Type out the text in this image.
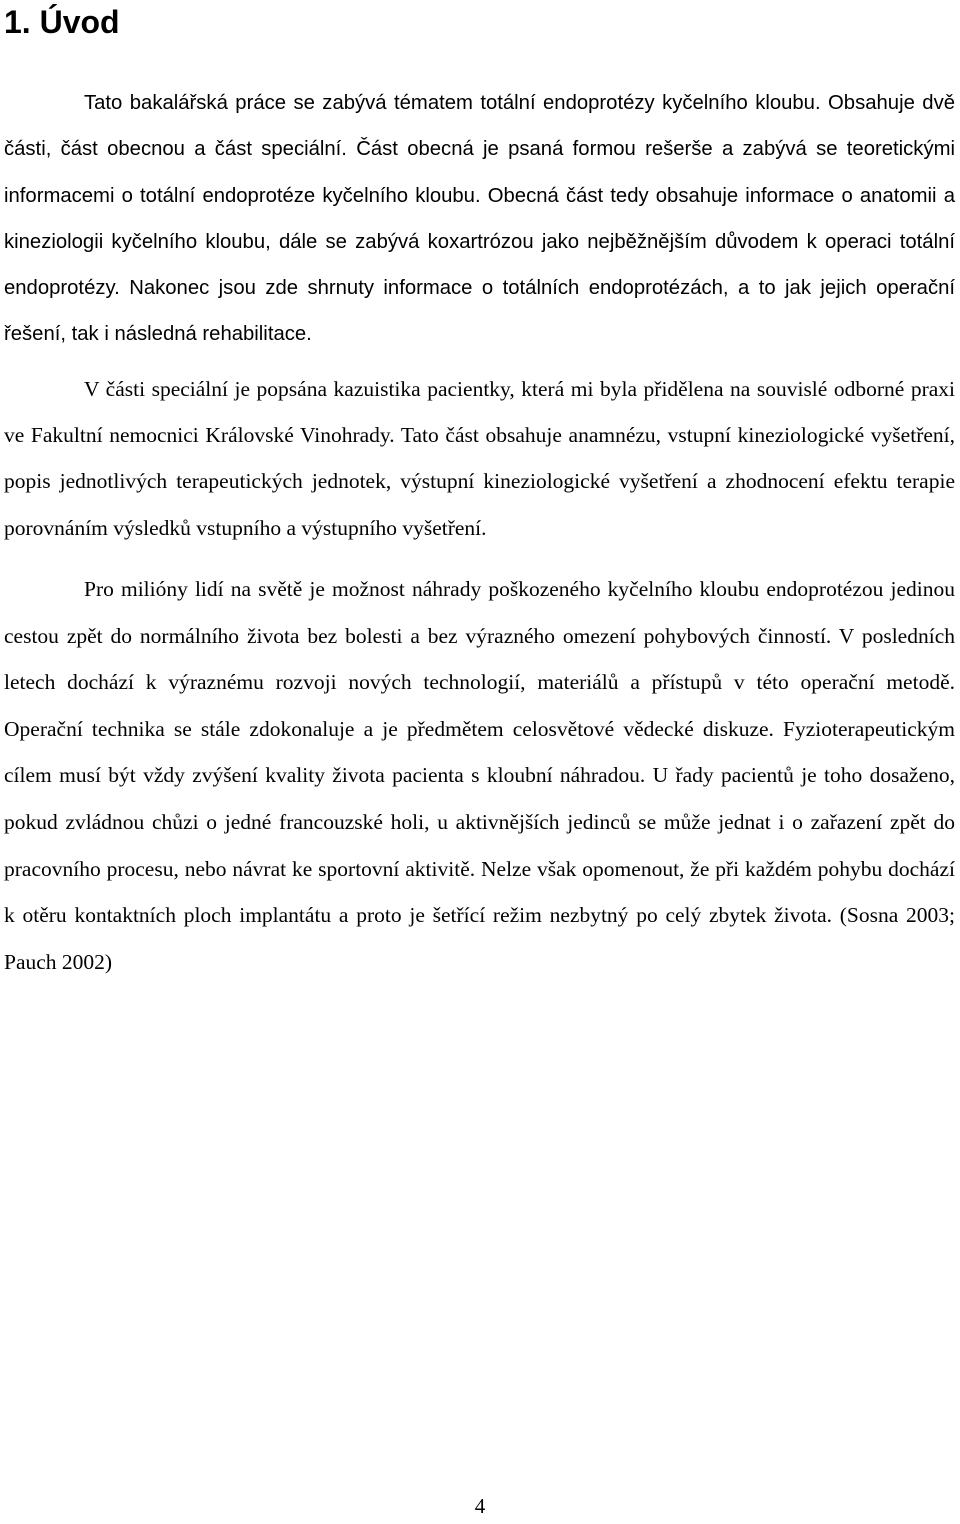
1. Úvod

Tato bakalářská práce se zabývá tématem totální endoprotézy kyčelního kloubu. Obsahuje dvě části, část obecnou a část speciální. Část obecná je psaná formou rešerše a zabývá se teoretickými informacemi o totální endoprotéze kyčelního kloubu. Obecná část tedy obsahuje informace o anatomii a kineziologii kyčelního kloubu, dále se zabývá koxartrózou jako nejběžnějším důvodem k operaci totální endoprotézy. Nakonec jsou zde shrnuty informace o totálních endoprotézách, a to jak jejich operační řešení, tak i následná rehabilitace.

V části speciální je popsána kazuistika pacientky, která mi byla přidělena na souvislé odborné praxi ve Fakultní nemocnici Královské Vinohrady. Tato část obsahuje anamnézu, vstupní kineziologické vyšetření, popis jednotlivých terapeutických jednotek, výstupní kineziologické vyšetření a zhodnocení efektu terapie porovnáním výsledků vstupního a výstupního vyšetření.

Pro milióny lidí na světě je možnost náhrady poškozeného kyčelního kloubu endoprotézou jedinou cestou zpět do normálního života bez bolesti a bez výrazného omezení pohybových činností. V posledních letech dochází k výraznému rozvoji nových technologií, materiálů a přístupů v této operační metodě. Operační technika se stále zdokonaluje a je předmětem celosvětové vědecké diskuze. Fyzioterapeutickým cílem musí být vždy zvýšení kvality života pacienta s kloubní náhradou. U řady pacientů je toho dosaženo, pokud zvládnou chůzi o jedné francouzské holi, u aktivnějších jedinců se může jednat i o zařazení zpět do pracovního procesu, nebo návrat ke sportovní aktivitě. Nelze však opomenout, že při každém pohybu dochází k otěru kontaktních ploch implantátu a proto je šetřící režim nezbytný po celý zbytek života. (Sosna 2003; Pauch 2002)

4
